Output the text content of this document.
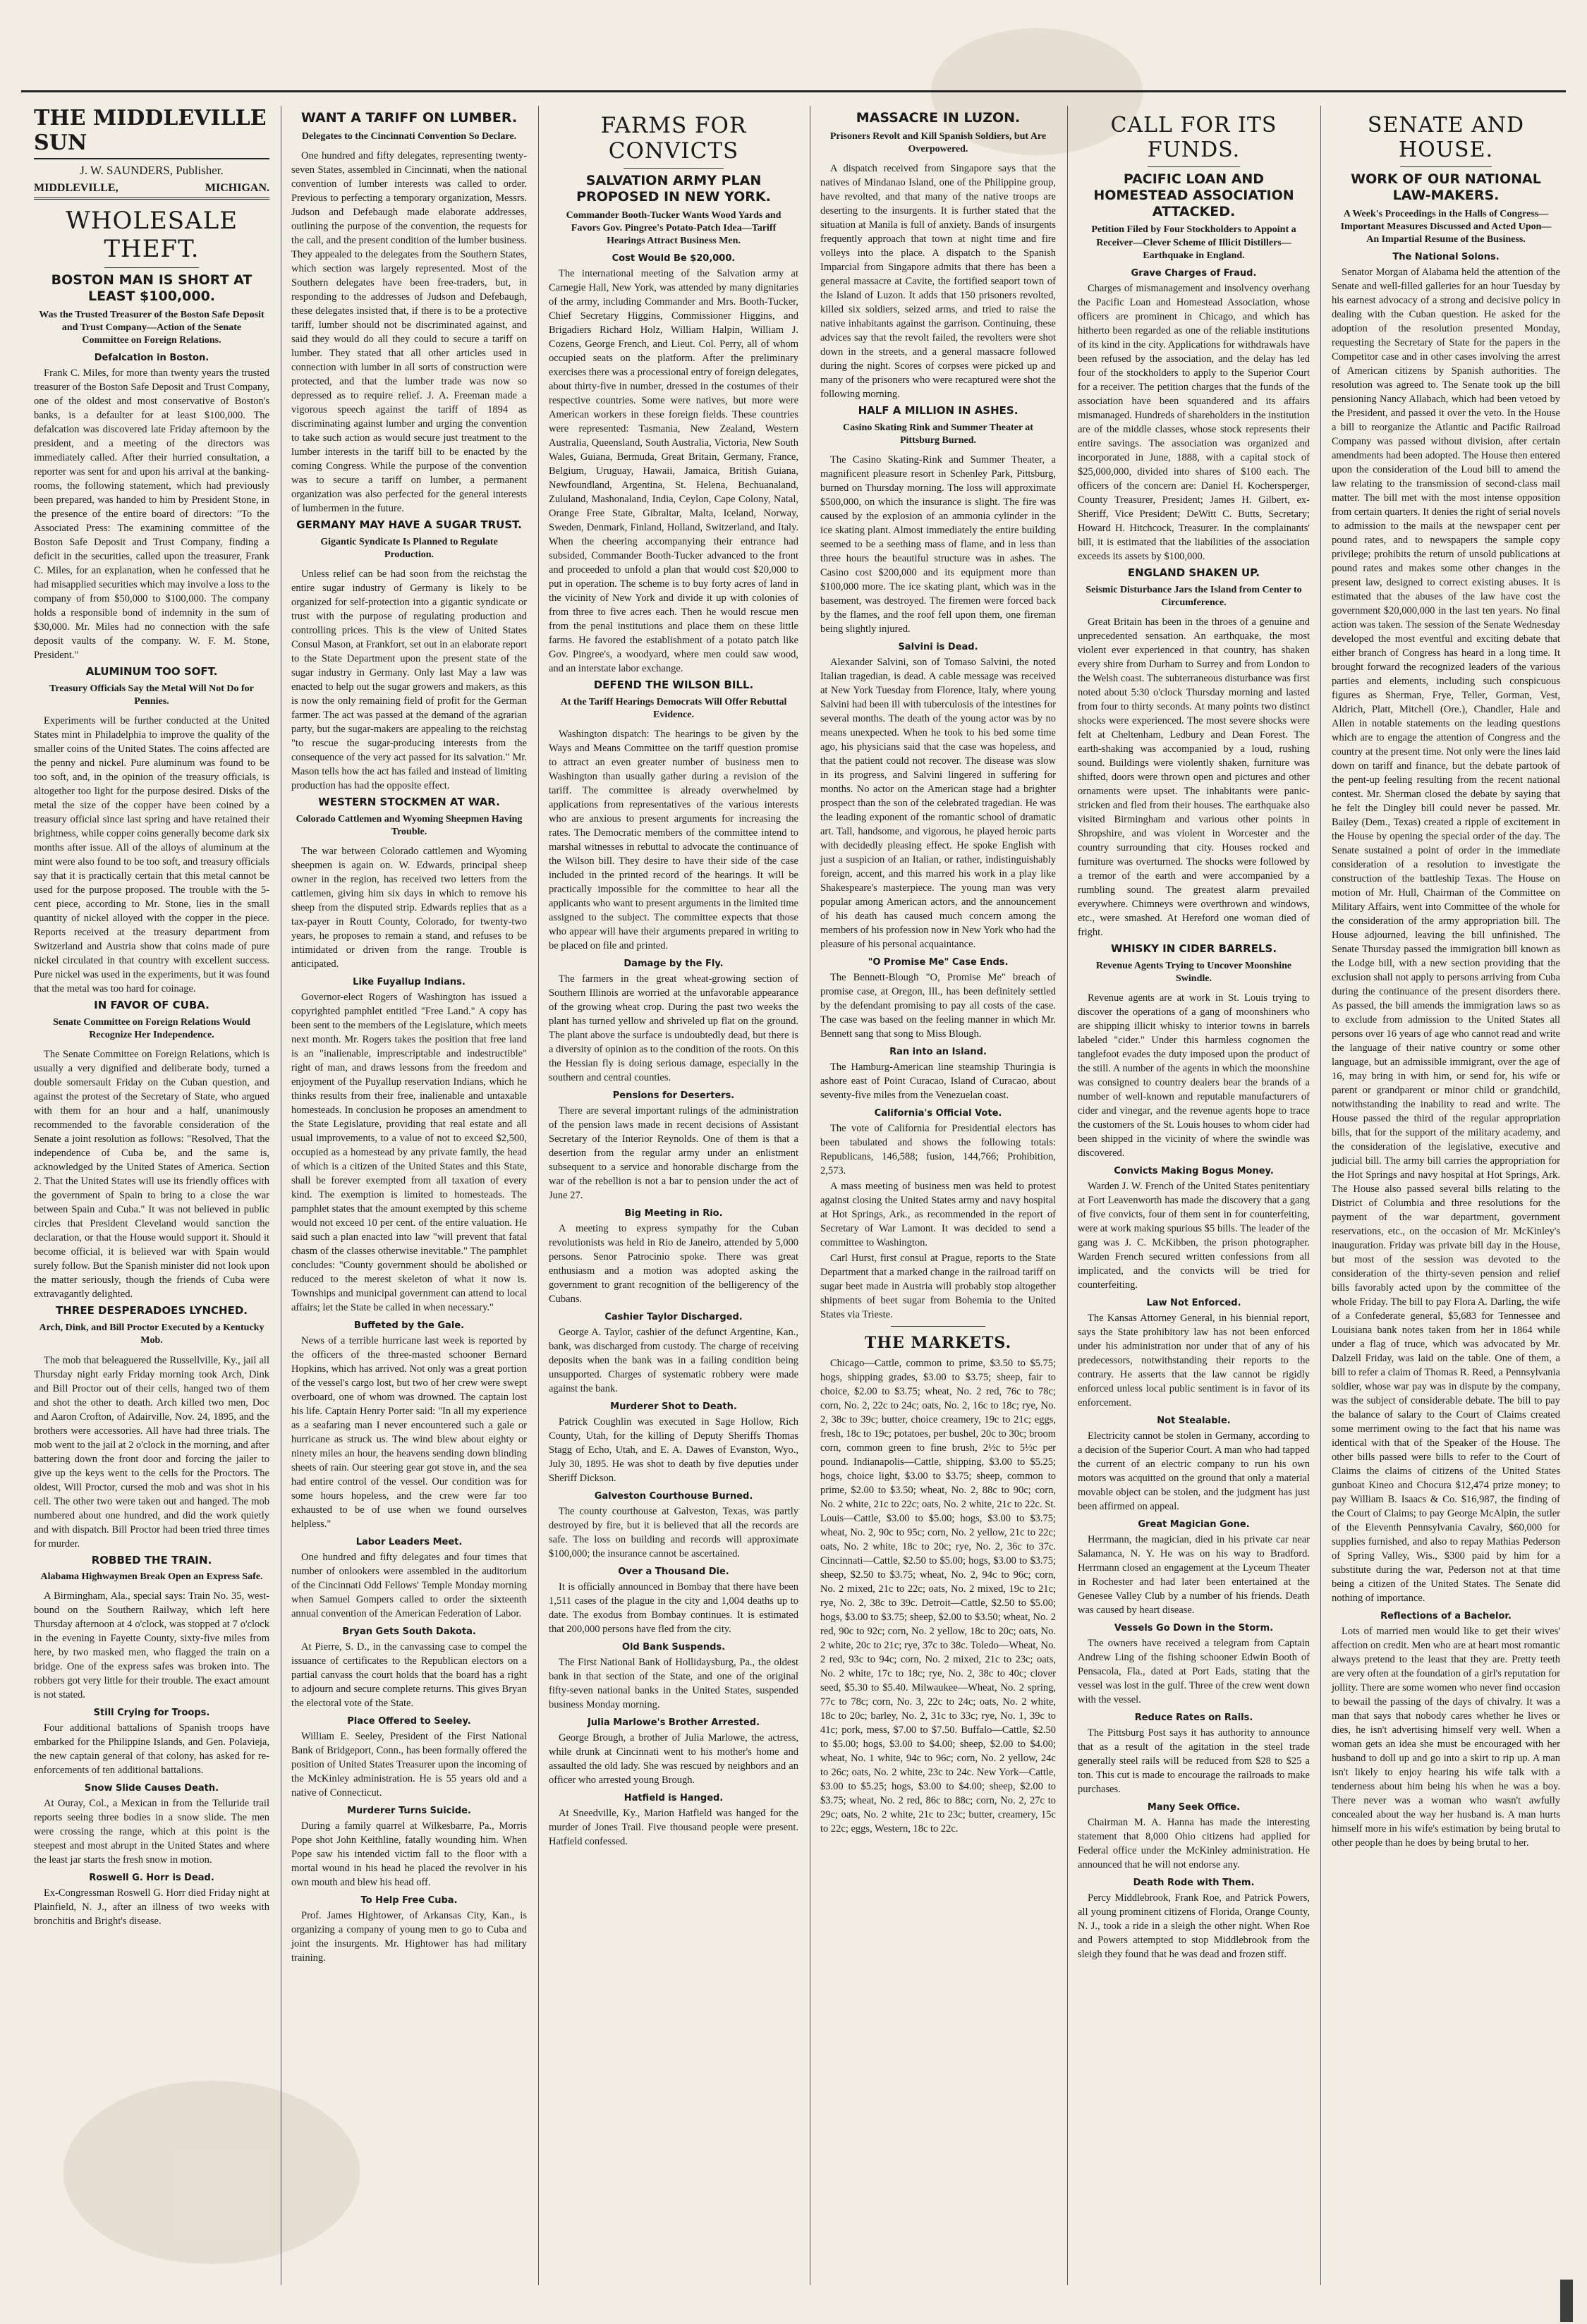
THE MIDDLEVILLE SUN
J. W. SAUNDERS, Publisher.
MIDDLEVILLE,	MICHIGAN.
WHOLESALE THEFT.
BOSTON MAN IS SHORT AT LEAST $100,000.
Was the Trusted Treasurer of the Boston Safe Deposit and Trust Company—Action of the Senate Committee on Foreign Relations.
Defalcation in Boston.

Frank C. Miles, for more than twenty years the trusted treasurer of the Boston Safe Deposit and Trust Company, one of the oldest and most conservative of Boston's banks, is a defaulter for at least $100,000. The defalcation was discovered late Friday afternoon by the president, and a meeting of the directors was immediately called. After their hurried consultation, a reporter was sent for and upon his arrival at the banking-rooms, the following statement, which had previously been prepared, was handed to him by President Stone, in the presence of the entire board of directors: "To the Associated Press: The examining committee of the Boston Safe Deposit and Trust Company, finding a deficit in the securities, called upon the treasurer, Frank C. Miles, for an explanation, when he confessed that he had misapplied securities which may involve a loss to the company of from $50,000 to $100,000. The company holds a responsible bond of indemnity in the sum of $30,000. Mr. Miles had no connection with the safe deposit vaults of the company. W. F. M. Stone, President."

ALUMINUM TOO SOFT.
Treasury Officials Say the Metal Will Not Do for Pennies.

Experiments will be further conducted at the United States mint in Philadelphia to improve the quality of the smaller coins of the United States. The coins affected are the penny and nickel. Pure aluminum was found to be too soft, and, in the opinion of the treasury officials, is altogether too light for the purpose desired. Disks of the metal the size of the copper have been coined by a treasury official since last spring and have retained their brightness, while copper coins generally become dark six months after issue. All of the alloys of aluminum at the mint were also found to be too soft, and treasury officials say that it is practically certain that this metal cannot be used for the purpose proposed. The trouble with the 5-cent piece, according to Mr. Stone, lies in the small quantity of nickel alloyed with the copper in the piece. Reports received at the treasury department from Switzerland and Austria show that coins made of pure nickel circulated in that country with excellent success. Pure nickel was used in the experiments, but it was found that the metal was too hard for coinage.

IN FAVOR OF CUBA.
Senate Committee on Foreign Relations Would Recognize Her Independence.

The Senate Committee on Foreign Relations, which is usually a very dignified and deliberate body, turned a double somersault Friday on the Cuban question, and against the protest of the Secretary of State, who argued with them for an hour and a half, unanimously recommended to the favorable consideration of the Senate a joint resolution as follows: "Resolved, That the independence of Cuba be, and the same is, acknowledged by the United States of America. Section 2. That the United States will use its friendly offices with the government of Spain to bring to a close the war between Spain and Cuba." It was not believed in public circles that President Cleveland would sanction the declaration, or that the House would support it. Should it become official, it is believed war with Spain would surely follow. But the Spanish minister did not look upon the matter seriously, though the friends of Cuba were extravagantly delighted.

THREE DESPERADOES LYNCHED.
Arch, Dink, and Bill Proctor Executed by a Kentucky Mob.

The mob that beleaguered the Russellville, Ky., jail all Thursday night early Friday morning took Arch, Dink and Bill Proctor out of their cells, hanged two of them and shot the other to death. Arch killed two men, Doc and Aaron Crofton, of Adairville, Nov. 24, 1895, and the brothers were accessories. All have had three trials. The mob went to the jail at 2 o'clock in the morning, and after battering down the front door and forcing the jailer to give up the keys went to the cells for the Proctors. The oldest, Will Proctor, cursed the mob and was shot in his cell. The other two were taken out and hanged. The mob numbered about one hundred, and did the work quietly and with dispatch. Bill Proctor had been tried three times for murder.

ROBBED THE TRAIN.
Alabama Highwaymen Break Open an Express Safe.

A Birmingham, Ala., special says: Train No. 35, west-bound on the Southern Railway, which left here Thursday afternoon at 4 o'clock, was stopped at 7 o'clock in the evening in Fayette County, sixty-five miles from here, by two masked men, who flagged the train on a bridge. One of the express safes was broken into. The robbers got very little for their trouble. The exact amount is not stated.

Still Crying for Troops.

Four additional battalions of Spanish troops have embarked for the Philippine Islands, and Gen. Polavieja, the new captain general of that colony, has asked for re-enforcements of ten additional battalions.

Snow Slide Causes Death.

At Ouray, Col., a Mexican in from the Telluride trail reports seeing three bodies in a snow slide. The men were crossing the range, which at this point is the steepest and most abrupt in the United States and where the least jar starts the fresh snow in motion.

Roswell G. Horr is Dead.

Ex-Congressman Roswell G. Horr died Friday night at Plainfield, N. J., after an illness of two weeks with bronchitis and Bright's disease.

WANT A TARIFF ON LUMBER.
Delegates to the Cincinnati Convention So Declare.

One hundred and fifty delegates, representing twenty-seven States, assembled in Cincinnati, when the national convention of lumber interests was called to order. Previous to perfecting a temporary organization, Messrs. Judson and Defebaugh made elaborate addresses, outlining the purpose of the convention, the requests for the call, and the present condition of the lumber business. They appealed to the delegates from the Southern States, which section was largely represented. Most of the Southern delegates have been free-traders, but, in responding to the addresses of Judson and Defebaugh, these delegates insisted that, if there is to be a protective tariff, lumber should not be discriminated against, and said they would do all they could to secure a tariff on lumber. They stated that all other articles used in connection with lumber in all sorts of construction were protected, and that the lumber trade was now so depressed as to require relief. J. A. Freeman made a vigorous speech against the tariff of 1894 as discriminating against lumber and urging the convention to take such action as would secure just treatment to the lumber interests in the tariff bill to be enacted by the coming Congress. While the purpose of the convention was to secure a tariff on lumber, a permanent organization was also perfected for the general interests of lumbermen in the future.

GERMANY MAY HAVE A SUGAR TRUST.
Gigantic Syndicate Is Planned to Regulate Production.

Unless relief can be had soon from the reichstag the entire sugar industry of Germany is likely to be organized for self-protection into a gigantic syndicate or trust with the purpose of regulating production and controlling prices. This is the view of United States Consul Mason, at Frankfort, set out in an elaborate report to the State Department upon the present state of the sugar industry in Germany. Only last May a law was enacted to help out the sugar growers and makers, as this is now the only remaining field of profit for the German farmer. The act was passed at the demand of the agrarian party, but the sugar-makers are appealing to the reichstag "to rescue the sugar-producing interests from the consequence of the very act passed for its salvation." Mr. Mason tells how the act has failed and instead of limiting production has had the opposite effect.

WESTERN STOCKMEN AT WAR.
Colorado Cattlemen and Wyoming Sheepmen Having Trouble.

The war between Colorado cattlemen and Wyoming sheepmen is again on. W. Edwards, principal sheep owner in the region, has received two letters from the cattlemen, giving him six days in which to remove his sheep from the disputed strip. Edwards replies that as a tax-payer in Routt County, Colorado, for twenty-two years, he proposes to remain a stand, and refuses to be intimidated or driven from the range. Trouble is anticipated.

Like Fuyallup Indians.

Governor-elect Rogers of Washington has issued a copyrighted pamphlet entitled "Free Land." A copy has been sent to the members of the Legislature, which meets next month. Mr. Rogers takes the position that free land is an "inalienable, imprescriptable and indestructible" right of man, and draws lessons from the freedom and enjoyment of the Puyallup reservation Indians, which he thinks results from their free, inalienable and untaxable homesteads. In conclusion he proposes an amendment to the State Legislature, providing that real estate and all usual improvements, to a value of not to exceed $2,500, occupied as a homestead by any private family, the head of which is a citizen of the United States and this State, shall be forever exempted from all taxation of every kind. The exemption is limited to homesteads. The pamphlet states that the amount exempted by this scheme would not exceed 10 per cent. of the entire valuation. He said such a plan enacted into law "will prevent that fatal chasm of the classes otherwise inevitable." The pamphlet concludes: "County government should be abolished or reduced to the merest skeleton of what it now is. Townships and municipal government can attend to local affairs; let the State be called in when necessary."

Buffeted by the Gale.

News of a terrible hurricane last week is reported by the officers of the three-masted schooner Bernard Hopkins, which has arrived. Not only was a great portion of the vessel's cargo lost, but two of her crew were swept overboard, one of whom was drowned. The captain lost his life. Captain Henry Porter said: "In all my experience as a seafaring man I never encountered such a gale or hurricane as struck us. The wind blew about eighty or ninety miles an hour, the heavens sending down blinding sheets of rain. Our steering gear got stove in, and the sea had entire control of the vessel. Our condition was for some hours hopeless, and the crew were far too exhausted to be of use when we found ourselves helpless."

Labor Leaders Meet.

One hundred and fifty delegates and four times that number of onlookers were assembled in the auditorium of the Cincinnati Odd Fellows' Temple Monday morning when Samuel Gompers called to order the sixteenth annual convention of the American Federation of Labor.

Bryan Gets South Dakota.

At Pierre, S. D., in the canvassing case to compel the issuance of certificates to the Republican electors on a partial canvass the court holds that the board has a right to adjourn and secure complete returns. This gives Bryan the electoral vote of the State.

Place Offered to Seeley.

William E. Seeley, President of the First National Bank of Bridgeport, Conn., has been formally offered the position of United States Treasurer upon the incoming of the McKinley administration. He is 55 years old and a native of Connecticut.

Murderer Turns Suicide.

During a family quarrel at Wilkesbarre, Pa., Morris Pope shot John Keithline, fatally wounding him. When Pope saw his intended victim fall to the floor with a mortal wound in his head he placed the revolver in his own mouth and blew his head off.

To Help Free Cuba.

Prof. James Hightower, of Arkansas City, Kan., is organizing a company of young men to go to Cuba and joint the insurgents. Mr. Hightower has had military training.

FARMS FOR CONVICTS
SALVATION ARMY PLAN PROPOSED IN NEW YORK.
Commander Booth-Tucker Wants Wood Yards and Favors Gov. Pingree's Potato-Patch Idea—Tariff Hearings Attract Business Men.
Cost Would Be $20,000.

The international meeting of the Salvation army at Carnegie Hall, New York, was attended by many dignitaries of the army, including Commander and Mrs. Booth-Tucker, Chief Secretary Higgins, Commissioner Higgins, and Brigadiers Richard Holz, William Halpin, William J. Cozens, George French, and Lieut. Col. Perry, all of whom occupied seats on the platform. After the preliminary exercises there was a processional entry of foreign delegates, about thirty-five in number, dressed in the costumes of their respective countries. Some were natives, but more were American workers in these foreign fields. These countries were represented: Tasmania, New Zealand, Western Australia, Queensland, South Australia, Victoria, New South Wales, Guiana, Bermuda, Great Britain, Germany, France, Belgium, Uruguay, Hawaii, Jamaica, British Guiana, Newfoundland, Argentina, St. Helena, Bechuanaland, Zululand, Mashonaland, India, Ceylon, Cape Colony, Natal, Orange Free State, Gibraltar, Malta, Iceland, Norway, Sweden, Denmark, Finland, Holland, Switzerland, and Italy. When the cheering accompanying their entrance had subsided, Commander Booth-Tucker advanced to the front and proceeded to unfold a plan that would cost $20,000 to put in operation. The scheme is to buy forty acres of land in the vicinity of New York and divide it up with colonies of from three to five acres each. Then he would rescue men from the penal institutions and place them on these little farms. He favored the establishment of a potato patch like Gov. Pingree's, a woodyard, where men could saw wood, and an interstate labor exchange.

DEFEND THE WILSON BILL.
At the Tariff Hearings Democrats Will Offer Rebuttal Evidence.

Washington dispatch: The hearings to be given by the Ways and Means Committee on the tariff question promise to attract an even greater number of business men to Washington than usually gather during a revision of the tariff. The committee is already overwhelmed by applications from representatives of the various interests who are anxious to present arguments for increasing the rates. The Democratic members of the committee intend to marshal witnesses in rebuttal to advocate the continuance of the Wilson bill. They desire to have their side of the case included in the printed record of the hearings. It will be practically impossible for the committee to hear all the applicants who want to present arguments in the limited time assigned to the subject. The committee expects that those who appear will have their arguments prepared in writing to be placed on file and printed.

Damage by the Fly.

The farmers in the great wheat-growing section of Southern Illinois are worried at the unfavorable appearance of the growing wheat crop. During the past two weeks the plant has turned yellow and shriveled up flat on the ground. The plant above the surface is undoubtedly dead, but there is a diversity of opinion as to the condition of the roots. On this the Hessian fly is doing serious damage, especially in the southern and central counties.

Pensions for Deserters.

There are several important rulings of the administration of the pension laws made in recent decisions of Assistant Secretary of the Interior Reynolds. One of them is that a desertion from the regular army under an enlistment subsequent to a service and honorable discharge from the war of the rebellion is not a bar to pension under the act of June 27.

Big Meeting in Rio.

A meeting to express sympathy for the Cuban revolutionists was held in Rio de Janeiro, attended by 5,000 persons. Senor Patrocinio spoke. There was great enthusiasm and a motion was adopted asking the government to grant recognition of the belligerency of the Cubans.

Cashier Taylor Discharged.

George A. Taylor, cashier of the defunct Argentine, Kan., bank, was discharged from custody. The charge of receiving deposits when the bank was in a failing condition being unsupported. Charges of systematic robbery were made against the bank.

Murderer Shot to Death.

Patrick Coughlin was executed in Sage Hollow, Rich County, Utah, for the killing of Deputy Sheriffs Thomas Stagg of Echo, Utah, and E. A. Dawes of Evanston, Wyo., July 30, 1895. He was shot to death by five deputies under Sheriff Dickson.

Galveston Courthouse Burned.

The county courthouse at Galveston, Texas, was partly destroyed by fire, but it is believed that all the records are safe. The loss on building and records will approximate $100,000; the insurance cannot be ascertained.

Over a Thousand Die.

It is officially announced in Bombay that there have been 1,511 cases of the plague in the city and 1,004 deaths up to date. The exodus from Bombay continues. It is estimated that 200,000 persons have fled from the city.

Old Bank Suspends.

The First National Bank of Hollidaysburg, Pa., the oldest bank in that section of the State, and one of the original fifty-seven national banks in the United States, suspended business Monday morning.

Julia Marlowe's Brother Arrested.

George Brough, a brother of Julia Marlowe, the actress, while drunk at Cincinnati went to his mother's home and assaulted the old lady. She was rescued by neighbors and an officer who arrested young Brough.

Hatfield is Hanged.

At Sneedville, Ky., Marion Hatfield was hanged for the murder of Jones Trail. Five thousand people were present. Hatfield confessed.

MASSACRE IN LUZON.
Prisoners Revolt and Kill Spanish Soldiers, but Are Overpowered.

A dispatch received from Singapore says that the natives of Mindanao Island, one of the Philippine group, have revolted, and that many of the native troops are deserting to the insurgents. It is further stated that the situation at Manila is full of anxiety. Bands of insurgents frequently approach that town at night time and fire volleys into the place. A dispatch to the Spanish Imparcial from Singapore admits that there has been a general massacre at Cavite, the fortified seaport town of the Island of Luzon. It adds that 150 prisoners revolted, killed six soldiers, seized arms, and tried to raise the native inhabitants against the garrison. Continuing, these advices say that the revolt failed, the revolters were shot down in the streets, and a general massacre followed during the night. Scores of corpses were picked up and many of the prisoners who were recaptured were shot the following morning.

HALF A MILLION IN ASHES.
Casino Skating Rink and Summer Theater at Pittsburg Burned.

The Casino Skating-Rink and Summer Theater, a magnificent pleasure resort in Schenley Park, Pittsburg, burned on Thursday morning. The loss will approximate $500,000, on which the insurance is slight. The fire was caused by the explosion of an ammonia cylinder in the ice skating plant. Almost immediately the entire building seemed to be a seething mass of flame, and in less than three hours the beautiful structure was in ashes. The Casino cost $200,000 and its equipment more than $100,000 more. The ice skating plant, which was in the basement, was destroyed. The firemen were forced back by the flames, and the roof fell upon them, one fireman being slightly injured.

Salvini is Dead.

Alexander Salvini, son of Tomaso Salvini, the noted Italian tragedian, is dead. A cable message was received at New York Tuesday from Florence, Italy, where young Salvini had been ill with tuberculosis of the intestines for several months. The death of the young actor was by no means unexpected. When he took to his bed some time ago, his physicians said that the case was hopeless, and that the patient could not recover. The disease was slow in its progress, and Salvini lingered in suffering for months. No actor on the American stage had a brighter prospect than the son of the celebrated tragedian. He was the leading exponent of the romantic school of dramatic art. Tall, handsome, and vigorous, he played heroic parts with decidedly pleasing effect. He spoke English with just a suspicion of an Italian, or rather, indistinguishably foreign, accent, and this marred his work in a play like Shakespeare's masterpiece. The young man was very popular among American actors, and the announcement of his death has caused much concern among the members of his profession now in New York who had the pleasure of his personal acquaintance.

"O Promise Me" Case Ends.

The Bennett-Blough "O, Promise Me" breach of promise case, at Oregon, Ill., has been definitely settled by the defendant promising to pay all costs of the case. The case was based on the feeling manner in which Mr. Bennett sang that song to Miss Blough.

Ran into an Island.

The Hamburg-American line steamship Thuringia is ashore east of Point Curacao, Island of Curacao, about seventy-five miles from the Venezuelan coast.

California's Official Vote.

The vote of California for Presidential electors has been tabulated and shows the following totals: Republicans, 146,588; fusion, 144,766; Prohibition, 2,573.

A mass meeting of business men was held to protest against closing the United States army and navy hospital at Hot Springs, Ark., as recommended in the report of Secretary of War Lamont. It was decided to send a committee to Washington.

Carl Hurst, first consul at Prague, reports to the State Department that a marked change in the railroad tariff on sugar beet made in Austria will probably stop altogether shipments of beet sugar from Bohemia to the United States via Trieste.

THE MARKETS.

Chicago—Cattle, common to prime, $3.50 to $5.75; hogs, shipping grades, $3.00 to $3.75; sheep, fair to choice, $2.00 to $3.75; wheat, No. 2 red, 76c to 78c; corn, No. 2, 22c to 24c; oats, No. 2, 16c to 18c; rye, No. 2, 38c to 39c; butter, choice creamery, 19c to 21c; eggs, fresh, 18c to 19c; potatoes, per bushel, 20c to 30c; broom corn, common green to fine brush, 2½c to 5½c per pound. Indianapolis—Cattle, shipping, $3.00 to $5.25; hogs, choice light, $3.00 to $3.75; sheep, common to prime, $2.00 to $3.50; wheat, No. 2, 88c to 90c; corn, No. 2 white, 21c to 22c; oats, No. 2 white, 21c to 22c. St. Louis—Cattle, $3.00 to $5.00; hogs, $3.00 to $3.75; wheat, No. 2, 90c to 95c; corn, No. 2 yellow, 21c to 22c; oats, No. 2 white, 18c to 20c; rye, No. 2, 36c to 37c. Cincinnati—Cattle, $2.50 to $5.00; hogs, $3.00 to $3.75; sheep, $2.50 to $3.75; wheat, No. 2, 94c to 96c; corn, No. 2 mixed, 21c to 22c; oats, No. 2 mixed, 19c to 21c; rye, No. 2, 38c to 39c. Detroit—Cattle, $2.50 to $5.00; hogs, $3.00 to $3.75; sheep, $2.00 to $3.50; wheat, No. 2 red, 90c to 92c; corn, No. 2 yellow, 18c to 20c; oats, No. 2 white, 20c to 21c; rye, 37c to 38c. Toledo—Wheat, No. 2 red, 93c to 94c; corn, No. 2 mixed, 21c to 23c; oats, No. 2 white, 17c to 18c; rye, No. 2, 38c to 40c; clover seed, $5.30 to $5.40. Milwaukee—Wheat, No. 2 spring, 77c to 78c; corn, No. 3, 22c to 24c; oats, No. 2 white, 18c to 20c; barley, No. 2, 31c to 33c; rye, No. 1, 39c to 41c; pork, mess, $7.00 to $7.50. Buffalo—Cattle, $2.50 to $5.00; hogs, $3.00 to $4.00; sheep, $2.00 to $4.00; wheat, No. 1 white, 94c to 96c; corn, No. 2 yellow, 24c to 26c; oats, No. 2 white, 23c to 24c. New York—Cattle, $3.00 to $5.25; hogs, $3.00 to $4.00; sheep, $2.00 to $3.75; wheat, No. 2 red, 86c to 88c; corn, No. 2, 27c to 29c; oats, No. 2 white, 21c to 23c; butter, creamery, 15c to 22c; eggs, Western, 18c to 22c.

CALL FOR ITS FUNDS.
PACIFIC LOAN AND HOMESTEAD ASSOCIATION ATTACKED.
Petition Filed by Four Stockholders to Appoint a Receiver—Clever Scheme of Illicit Distillers—Earthquake in England.
Grave Charges of Fraud.

Charges of mismanagement and insolvency overhang the Pacific Loan and Homestead Association, whose officers are prominent in Chicago, and which has hitherto been regarded as one of the reliable institutions of its kind in the city. Applications for withdrawals have been refused by the association, and the delay has led four of the stockholders to apply to the Superior Court for a receiver. The petition charges that the funds of the association have been squandered and its affairs mismanaged. Hundreds of shareholders in the institution are of the middle classes, whose stock represents their entire savings. The association was organized and incorporated in June, 1888, with a capital stock of $25,000,000, divided into shares of $100 each. The officers of the concern are: Daniel H. Kochersperger, County Treasurer, President; James H. Gilbert, ex-Sheriff, Vice President; DeWitt C. Butts, Secretary; Howard H. Hitchcock, Treasurer. In the complainants' bill, it is estimated that the liabilities of the association exceeds its assets by $100,000.

ENGLAND SHAKEN UP.
Seismic Disturbance Jars the Island from Center to Circumference.

Great Britain has been in the throes of a genuine and unprecedented sensation. An earthquake, the most violent ever experienced in that country, has shaken every shire from Durham to Surrey and from London to the Welsh coast. The subterraneous disturbance was first noted about 5:30 o'clock Thursday morning and lasted from four to thirty seconds. At many points two distinct shocks were experienced. The most severe shocks were felt at Cheltenham, Ledbury and Dean Forest. The earth-shaking was accompanied by a loud, rushing sound. Buildings were violently shaken, furniture was shifted, doors were thrown open and pictures and other ornaments were upset. The inhabitants were panic-stricken and fled from their houses. The earthquake also visited Birmingham and various other points in Shropshire, and was violent in Worcester and the country surrounding that city. Houses rocked and furniture was overturned. The shocks were followed by a tremor of the earth and were accompanied by a rumbling sound. The greatest alarm prevailed everywhere. Chimneys were overthrown and windows, etc., were smashed. At Hereford one woman died of fright.

WHISKY IN CIDER BARRELS.
Revenue Agents Trying to Uncover Moonshine Swindle.

Revenue agents are at work in St. Louis trying to discover the operations of a gang of moonshiners who are shipping illicit whisky to interior towns in barrels labeled "cider." Under this harmless cognomen the tanglefoot evades the duty imposed upon the product of the still. A number of the agents in which the moonshine was consigned to country dealers bear the brands of a number of well-known and reputable manufacturers of cider and vinegar, and the revenue agents hope to trace the customers of the St. Louis houses to whom cider had been shipped in the vicinity of where the swindle was discovered.

Convicts Making Bogus Money.

Warden J. W. French of the United States penitentiary at Fort Leavenworth has made the discovery that a gang of five convicts, four of them sent in for counterfeiting, were at work making spurious $5 bills. The leader of the gang was J. C. McKibben, the prison photographer. Warden French secured written confessions from all implicated, and the convicts will be tried for counterfeiting.

Law Not Enforced.

The Kansas Attorney General, in his biennial report, says the State prohibitory law has not been enforced under his administration nor under that of any of his predecessors, notwithstanding their reports to the contrary. He asserts that the law cannot be rigidly enforced unless local public sentiment is in favor of its enforcement.

Not Stealable.

Electricity cannot be stolen in Germany, according to a decision of the Superior Court. A man who had tapped the current of an electric company to run his own motors was acquitted on the ground that only a material movable object can be stolen, and the judgment has just been affirmed on appeal.

Great Magician Gone.

Herrmann, the magician, died in his private car near Salamanca, N. Y. He was on his way to Bradford. Herrmann closed an engagement at the Lyceum Theater in Rochester and had later been entertained at the Genesee Valley Club by a number of his friends. Death was caused by heart disease.

Vessels Go Down in the Storm.

The owners have received a telegram from Captain Andrew Ling of the fishing schooner Edwin Booth of Pensacola, Fla., dated at Port Eads, stating that the vessel was lost in the gulf. Three of the crew went down with the vessel.

Reduce Rates on Rails.

The Pittsburg Post says it has authority to announce that as a result of the agitation in the steel trade generally steel rails will be reduced from $28 to $25 a ton. This cut is made to encourage the railroads to make purchases.

Many Seek Office.

Chairman M. A. Hanna has made the interesting statement that 8,000 Ohio citizens had applied for Federal office under the McKinley administration. He announced that he will not endorse any.

Death Rode with Them.

Percy Middlebrook, Frank Roe, and Patrick Powers, all young prominent citizens of Florida, Orange County, N. J., took a ride in a sleigh the other night. When Roe and Powers attempted to stop Middlebrook from the sleigh they found that he was dead and frozen stiff.

SENATE AND HOUSE.
WORK OF OUR NATIONAL LAW-MAKERS.
A Week's Proceedings in the Halls of Congress—Important Measures Discussed and Acted Upon—An Impartial Resume of the Business.
The National Solons.

Senator Morgan of Alabama held the attention of the Senate and well-filled galleries for an hour Tuesday by his earnest advocacy of a strong and decisive policy in dealing with the Cuban question. He asked for the adoption of the resolution presented Monday, requesting the Secretary of State for the papers in the Competitor case and in other cases involving the arrest of American citizens by Spanish authorities. The resolution was agreed to. The Senate took up the bill pensioning Nancy Allabach, which had been vetoed by the President, and passed it over the veto. In the House a bill to reorganize the Atlantic and Pacific Railroad Company was passed without division, after certain amendments had been adopted. The House then entered upon the consideration of the Loud bill to amend the law relating to the transmission of second-class mail matter. The bill met with the most intense opposition from certain quarters. It denies the right of serial novels to admission to the mails at the newspaper cent per pound rates, and to newspapers the sample copy privilege; prohibits the return of unsold publications at pound rates and makes some other changes in the present law, designed to correct existing abuses. It is estimated that the abuses of the law have cost the government $20,000,000 in the last ten years. No final action was taken. The session of the Senate Wednesday developed the most eventful and exciting debate that either branch of Congress has heard in a long time. It brought forward the recognized leaders of the various parties and elements, including such conspicuous figures as Sherman, Frye, Teller, Gorman, Vest, Aldrich, Platt, Mitchell (Ore.), Chandler, Hale and Allen in notable statements on the leading questions which are to engage the attention of Congress and the country at the present time. Not only were the lines laid down on tariff and finance, but the debate partook of the pent-up feeling resulting from the recent national contest. Mr. Sherman closed the debate by saying that he felt the Dingley bill could never be passed. Mr. Bailey (Dem., Texas) created a ripple of excitement in the House by opening the special order of the day. The Senate sustained a point of order in the immediate consideration of a resolution to investigate the construction of the battleship Texas. The House on motion of Mr. Hull, Chairman of the Committee on Military Affairs, went into Committee of the whole for the consideration of the army appropriation bill. The House adjourned, leaving the bill unfinished. The Senate Thursday passed the immigration bill known as the Lodge bill, with a new section providing that the exclusion shall not apply to persons arriving from Cuba during the continuance of the present disorders there. As passed, the bill amends the immigration laws so as to exclude from admission to the United States all persons over 16 years of age who cannot read and write the language of their native country or some other language, but an admissible immigrant, over the age of 16, may bring in with him, or send for, his wife or parent or grandparent or minor child or grandchild, notwithstanding the inability to read and write. The House passed the third of the regular appropriation bills, that for the support of the military academy, and the consideration of the legislative, executive and judicial bill. The army bill carries the appropriation for the Hot Springs and navy hospital at Hot Springs, Ark. The House also passed several bills relating to the District of Columbia and three resolutions for the payment of the war department, government reservations, etc., on the occasion of Mr. McKinley's inauguration. Friday was private bill day in the House, but most of the session was devoted to the consideration of the thirty-seven pension and relief bills favorably acted upon by the committee of the whole Friday. The bill to pay Flora A. Darling, the wife of a Confederate general, $5,683 for Tennessee and Louisiana bank notes taken from her in 1864 while under a flag of truce, which was advocated by Mr. Dalzell Friday, was laid on the table. One of them, a bill to refer a claim of Thomas R. Reed, a Pennsylvania soldier, whose war pay was in dispute by the company, was the subject of considerable debate. The bill to pay the balance of salary to the Court of Claims created some merriment owing to the fact that his name was identical with that of the Speaker of the House. The other bills passed were bills to refer to the Court of Claims the claims of citizens of the United States gunboat Kineo and Chocura $12,474 prize money; to pay William B. Isaacs & Co. $16,987, the finding of the Court of Claims; to pay George McAlpin, the sutler of the Eleventh Pennsylvania Cavalry, $60,000 for supplies furnished, and also to repay Mathias Pederson of Spring Valley, Wis., $300 paid by him for a substitute during the war, Pederson not at that time being a citizen of the United States. The Senate did nothing of importance.

Reflections of a Bachelor.

Lots of married men would like to get their wives' affection on credit. Men who are at heart most romantic always pretend to the least that they are. Pretty teeth are very often at the foundation of a girl's reputation for jollity. There are some women who never find occasion to bewail the passing of the days of chivalry. It was a man that says that nobody cares whether he lives or dies, he isn't advertising himself very well. When a woman gets an idea she must be encouraged with her husband to doll up and go into a skirt to rip up. A man isn't likely to enjoy hearing his wife talk with a tenderness about him being his when he was a boy. There never was a woman who wasn't awfully concealed about the way her husband is. A man hurts himself more in his wife's estimation by being brutal to other people than he does by being brutal to her.
